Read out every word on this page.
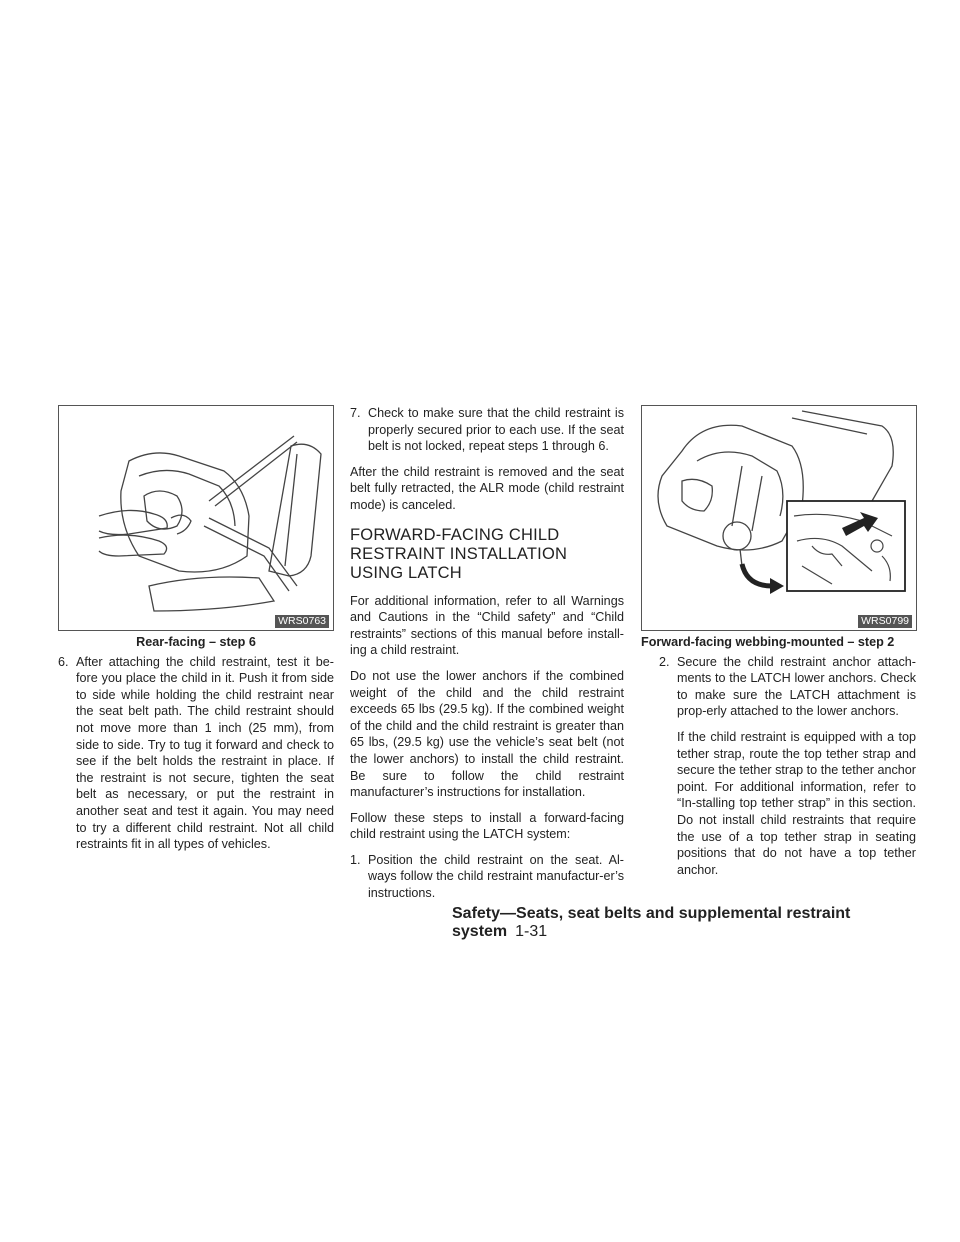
WRS0763
Rear-facing – step 6
6. After attaching the child restraint, test it be-fore you place the child in it. Push it from side to side while holding the child restraint near the seat belt path. The child restraint should not move more than 1 inch (25 mm), from side to side. Try to tug it forward and check to see if the belt holds the restraint in place. If the restraint is not secure, tighten the seat belt as necessary, or put the restraint in another seat and test it again. You may need to try a different child restraint. Not all child restraints fit in all types of vehicles.
7. Check to make sure that the child restraint is properly secured prior to each use. If the seat belt is not locked, repeat steps 1 through 6.

After the child restraint is removed and the seat belt fully retracted, the ALR mode (child restraint mode) is canceled.

FORWARD-FACING CHILD RESTRAINT INSTALLATION USING LATCH

For additional information, refer to all Warnings and Cautions in the “Child safety” and “Child restraints” sections of this manual before install-ing a child restraint.

Do not use the lower anchors if the combined weight of the child and the child restraint exceeds 65 lbs (29.5 kg). If the combined weight of the child and the child restraint is greater than 65 lbs, (29.5 kg) use the vehicle’s seat belt (not the lower anchors) to install the child restraint. Be sure to follow the child restraint manufacturer’s instructions for installation.

Follow these steps to install a forward-facing child restraint using the LATCH system:

1. Position the child restraint on the seat. Al-ways follow the child restraint manufactur-er’s instructions.
WRS0799
Forward-facing webbing-mounted – step 2
2. Secure the child restraint anchor attach-ments to the LATCH lower anchors. Check to make sure the LATCH attachment is prop-erly attached to the lower anchors.

If the child restraint is equipped with a top tether strap, route the top tether strap and secure the tether strap to the tether anchor point. For additional information, refer to “In-stalling top tether strap” in this section. Do not install child restraints that require the use of a top tether strap in seating positions that do not have a top tether anchor.

Safety—Seats, seat belts and supplemental restraint system 1-31
